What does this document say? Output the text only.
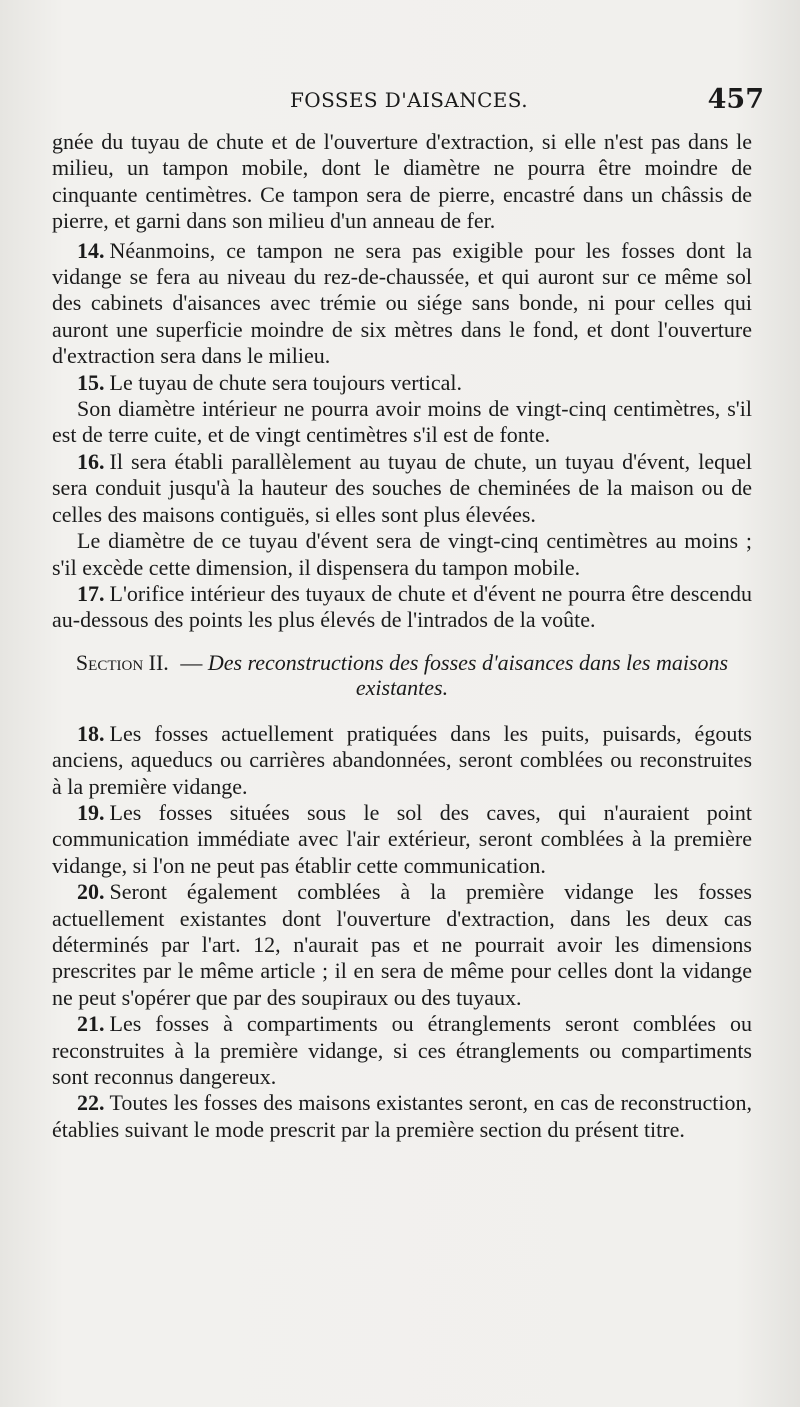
FOSSES D'AISANCES.	457

gnée du tuyau de chute et de l'ouverture d'extraction, si elle n'est pas dans le milieu, un tampon mobile, dont le diamètre ne pourra être moindre de cinquante centimètres. Ce tampon sera de pierre, encastré dans un châssis de pierre, et garni dans son milieu d'un anneau de fer.

14. Néanmoins, ce tampon ne sera pas exigible pour les fosses dont la vidange se fera au niveau du rez-de-chaussée, et qui auront sur ce même sol des cabinets d'aisances avec trémie ou siége sans bonde, ni pour celles qui auront une superficie moindre de six mètres dans le fond, et dont l'ouverture d'extraction sera dans le milieu.

15. Le tuyau de chute sera toujours vertical.

Son diamètre intérieur ne pourra avoir moins de vingt-cinq centimètres, s'il est de terre cuite, et de vingt centimètres s'il est de fonte.

16. Il sera établi parallèlement au tuyau de chute, un tuyau d'évent, lequel sera conduit jusqu'à la hauteur des souches de cheminées de la maison ou de celles des maisons contiguës, si elles sont plus élevées.

Le diamètre de ce tuyau d'évent sera de vingt-cinq centimètres au moins ; s'il excède cette dimension, il dispensera du tampon mobile.

17. L'orifice intérieur des tuyaux de chute et d'évent ne pourra être descendu au-dessous des points les plus élevés de l'intrados de la voûte.

Section II. — Des reconstructions des fosses d'aisances dans les maisons existantes.

18. Les fosses actuellement pratiquées dans les puits, puisards, égouts anciens, aqueducs ou carrières abandonnées, seront comblées ou reconstruites à la première vidange.

19. Les fosses situées sous le sol des caves, qui n'auraient point communication immédiate avec l'air extérieur, seront comblées à la première vidange, si l'on ne peut pas établir cette communication.

20. Seront également comblées à la première vidange les fosses actuellement existantes dont l'ouverture d'extraction, dans les deux cas déterminés par l'art. 12, n'aurait pas et ne pourrait avoir les dimensions prescrites par le même article ; il en sera de même pour celles dont la vidange ne peut s'opérer que par des soupiraux ou des tuyaux.

21. Les fosses à compartiments ou étranglements seront comblées ou reconstruites à la première vidange, si ces étranglements ou compartiments sont reconnus dangereux.

22. Toutes les fosses des maisons existantes seront, en cas de reconstruction, établies suivant le mode prescrit par la première section du présent titre.
